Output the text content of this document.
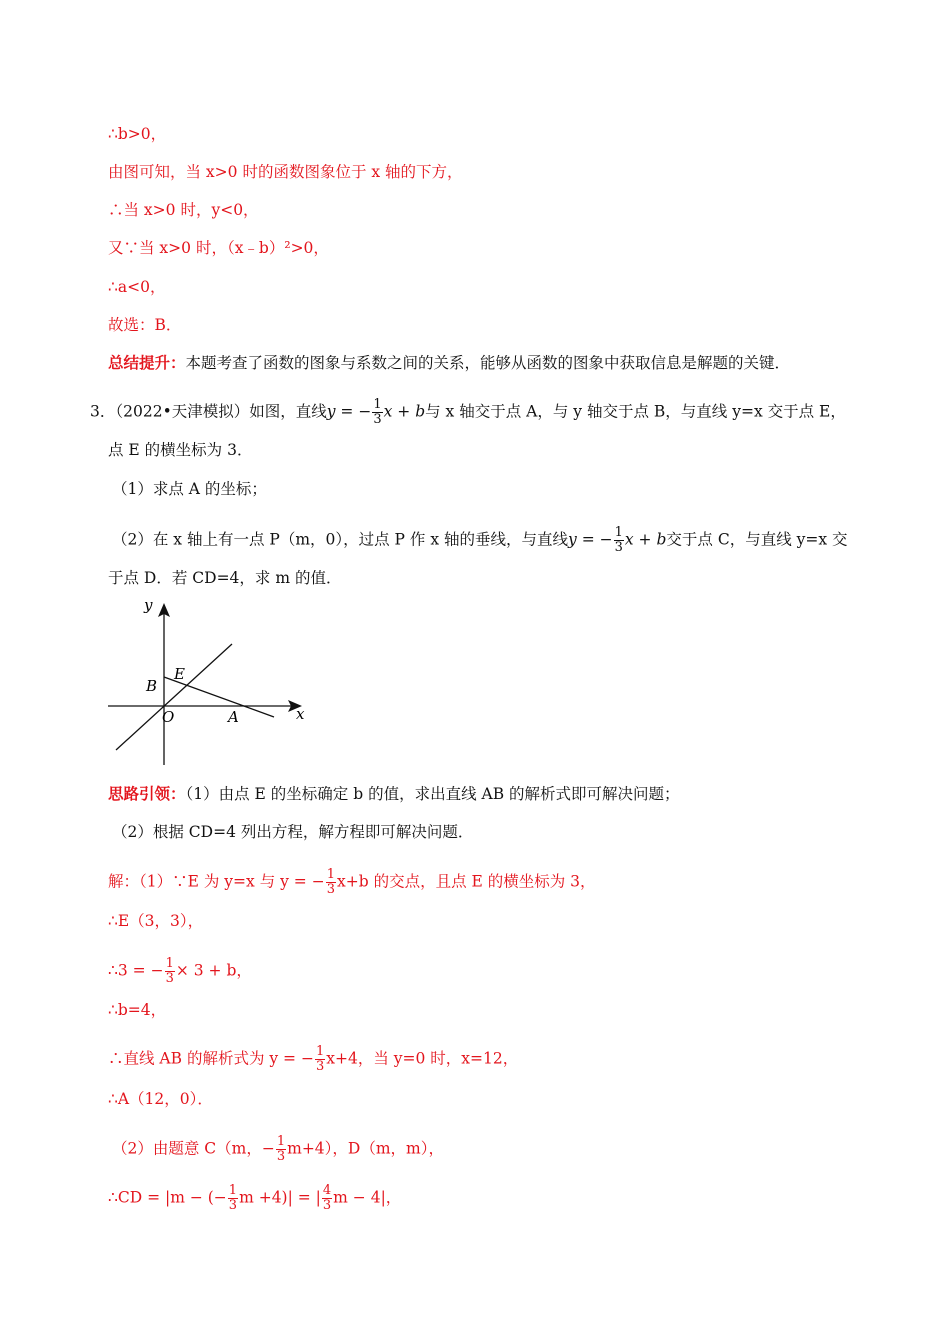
∴b>0，
由图可知，当 x>0 时的函数图象位于 x 轴的下方，
∴当 x>0 时，y<0，
又∵当 x>0 时，（x﹣b）²>0，
∴a<0，
故选：B．
总结提升：本题考查了函数的图象与系数之间的关系，能够从函数的图象中获取信息是解题的关键．
3．（2022•天津模拟）如图，直线y = − $\frac{1}{3}$ x + b与 x 轴交于点 A，与 y 轴交于点 B，与直线 y=x 交于点 E，
点 E 的横坐标为 3．
（1）求点 A 的坐标；
（2）在 x 轴上有一点 P（m，0），过点 P 作 x 轴的垂线，与直线y = − $\frac{1}{3}$ x + b交于点 C，与直线 y=x 交
于点 D．若 CD=4，求 m 的值．
y
x
O	A
B
E
思路引领：（1）由点 E 的坐标确定 b 的值，求出直线 AB 的解析式即可解决问题；
（2）根据 CD=4 列出方程，解方程即可解决问题．
解：（1）∵E 为 y=x 与 y = − $\frac{1}{3} x+b$ 的交点，且点 E 的横坐标为 3，
∴E（3，3），
∴3 = − $\frac{1}{3} \times 3 + b$，
∴b=4，
∴直线 AB 的解析式为 y = − $\frac{1}{3} x+4$，当 y=0 时，x=12，
∴A（12，0）．
（2）由题意 C（m，− $\frac{1}{3} m+4$），D（m，m），
∴CD = |m − (− $\frac{1}{3}$ m +4)| = | $\frac{4}{3}$ m − 4|，
